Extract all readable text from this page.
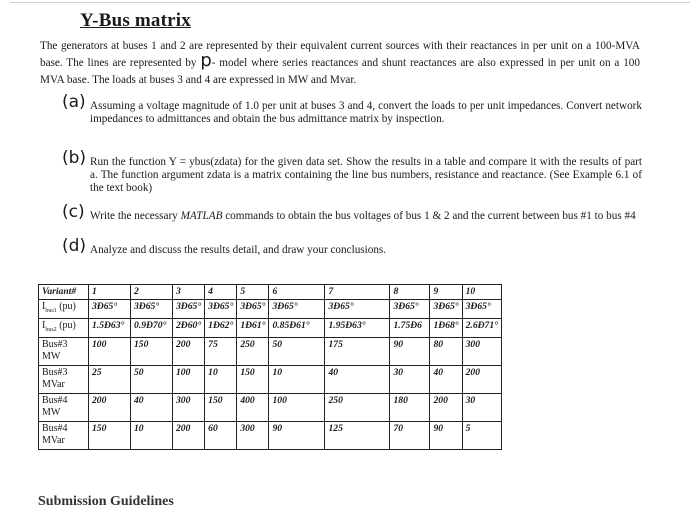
Y-Bus matrix
The generators at buses 1 and 2 are represented by their equivalent current sources with their reactances in per unit on a 100-MVA base. The lines are represented by p- model where series reactances and shunt reactances are also expressed in per unit on a 100 MVA base. The loads at buses 3 and 4 are expressed in MW and Mvar.
(a) Assuming a voltage magnitude of 1.0 per unit at buses 3 and 4, convert the loads to per unit impedances. Convert network impedances to admittances and obtain the bus admittance matrix by inspection.
(b) Run the function Y = ybus(zdata) for the given data set. Show the results in a table and compare it with the results of part a. The function argument zdata is a matrix containing the line bus numbers, resistance and reactance. (See Example 6.1 of the text book)
(c) Write the necessary MATLAB commands to obtain the bus voltages of bus 1 & 2 and the current between bus #1 to bus #4
(d) Analyze and discuss the results detail, and draw your conclusions.
Variant#	1	2	3	4	5	6	7	8	9	10
$I_{bus1}$ (pu)	3Ð65°	3Ð65°	3Ð65°	3Ð65°	3Ð65°	3Ð65°	3Ð65°	3Ð65°	3Ð65°	3Ð65°
$I_{bus2}$ (pu)	1.5Ð63°	0.9Ð70°	2Ð60°	1Ð62°	1Ð61°	0.85Ð61°	1.95Ð63°	1.75Ð6	1Ð68°	2.6Ð71°
Bus#3 MW	100	150	200	75	250	50	175	90	80	300
Bus#3 MVar	25	50	100	10	150	10	40	30	40	200
Bus#4 MW	200	40	300	150	400	100	250	180	200	30
Bus#4 MVar	150	10	200	60	300	90	125	70	90	5
Submission Guidelines
